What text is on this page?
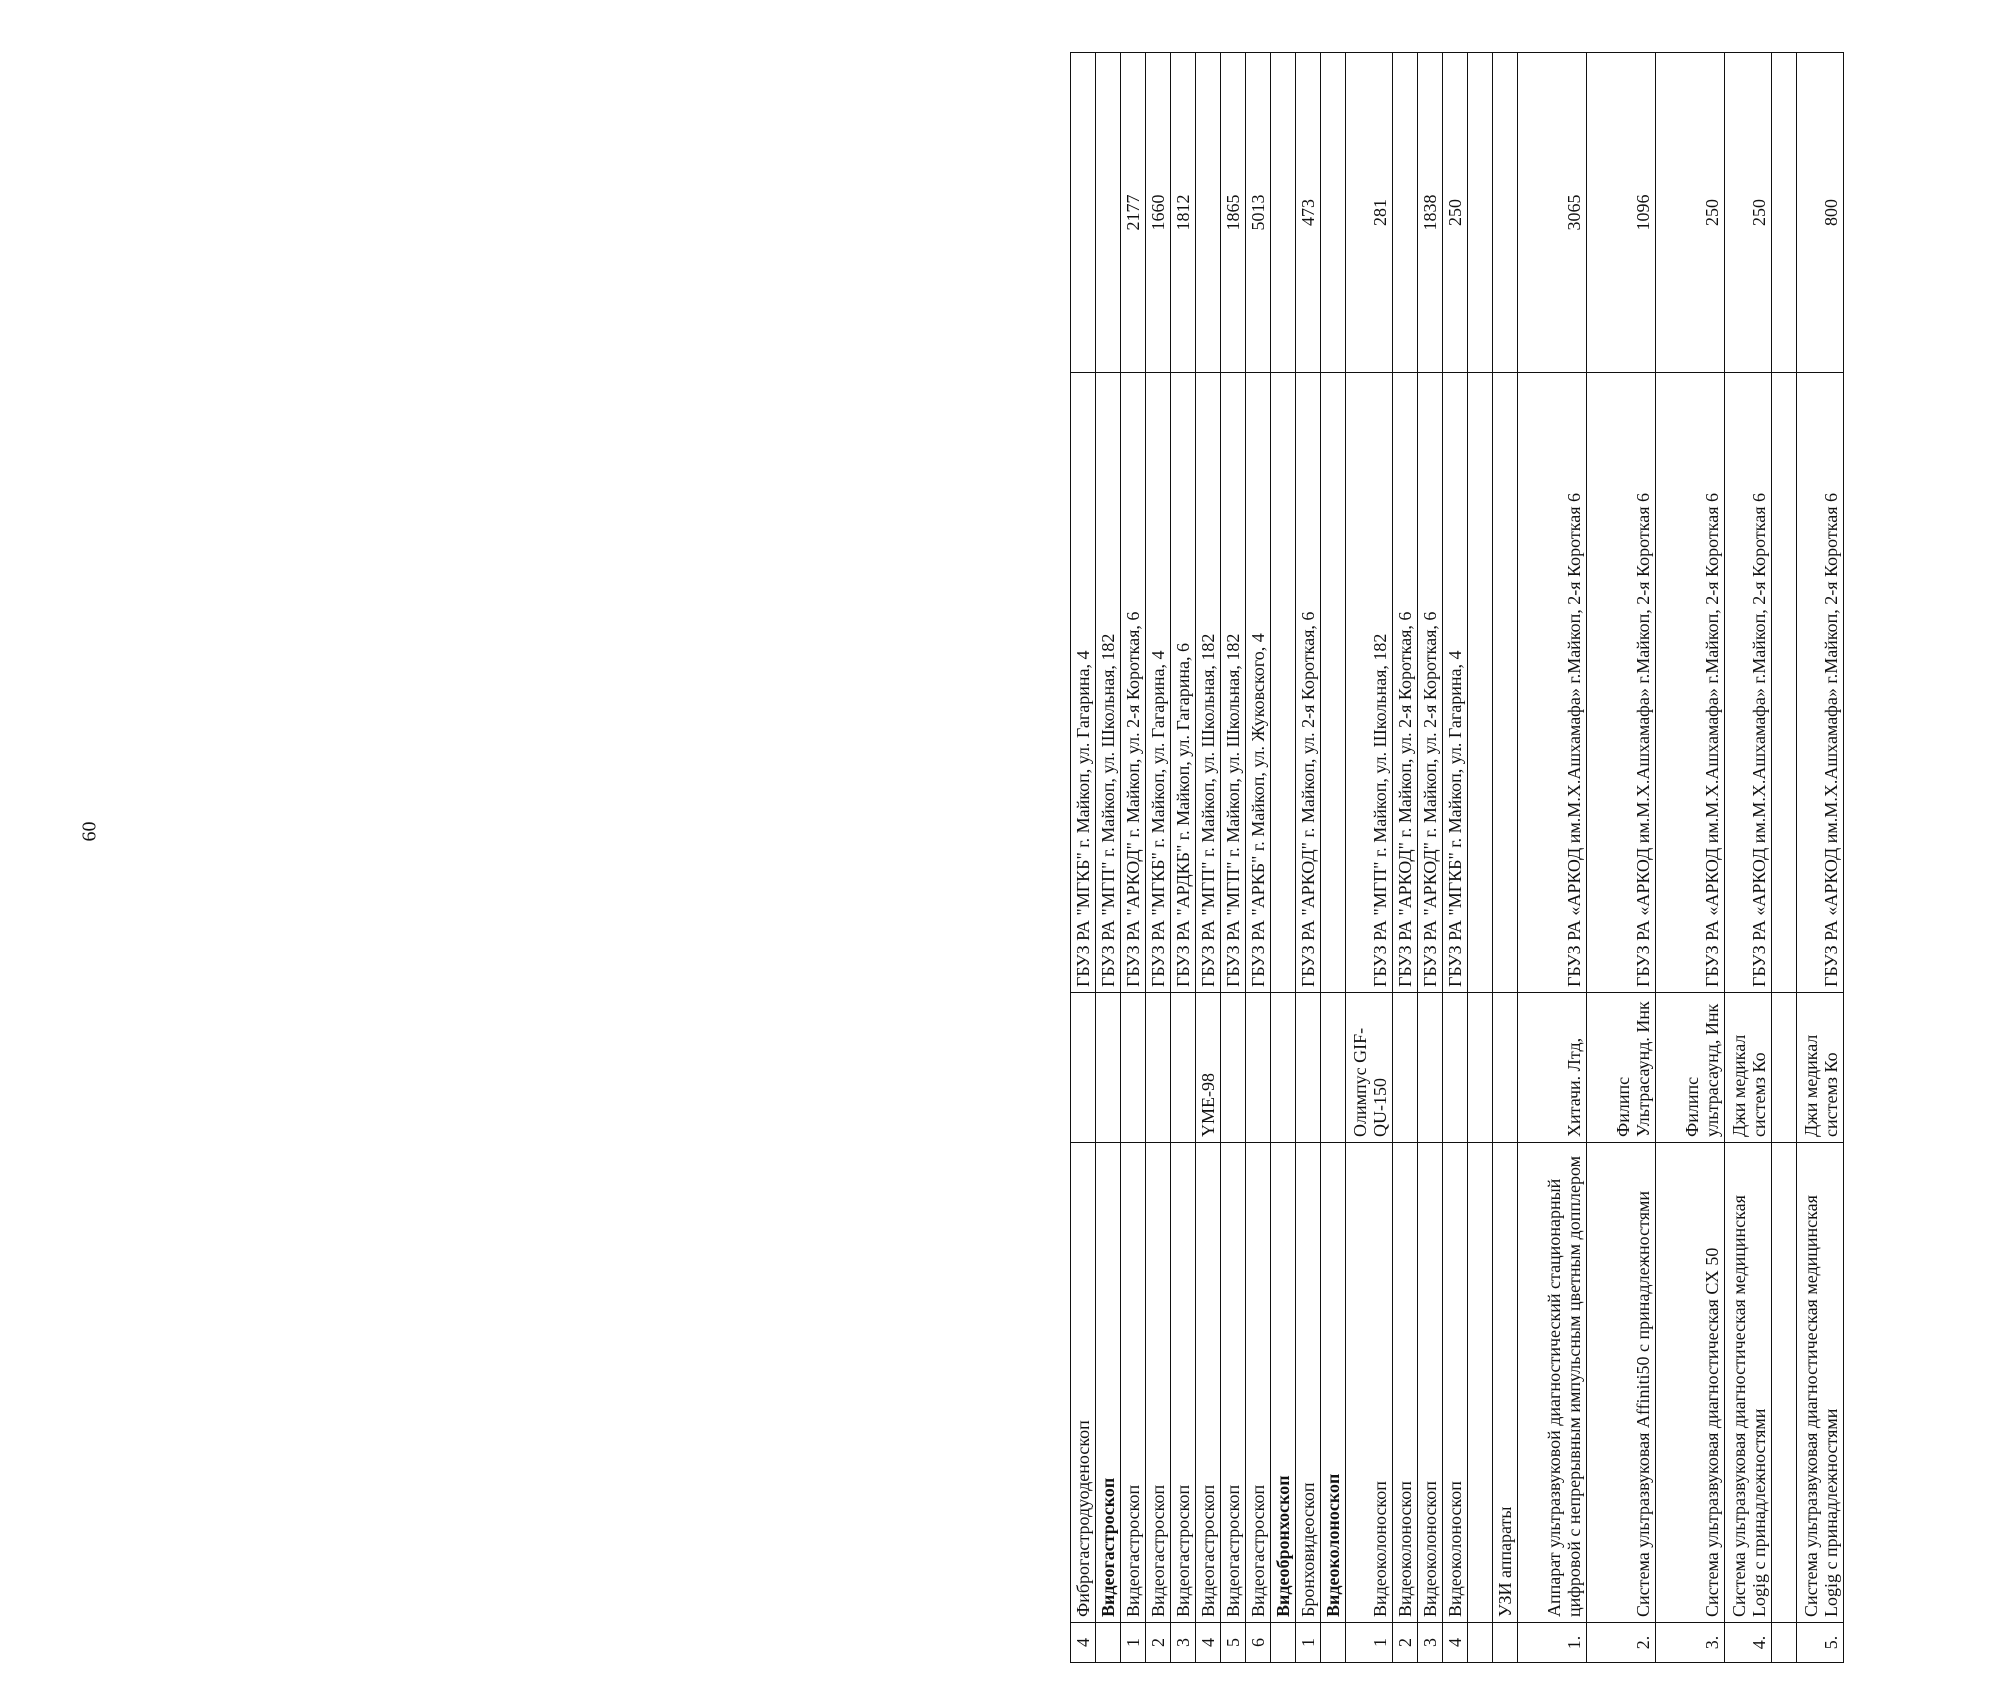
60
4	Фиброгастродуоденоскоп		ГБУЗ РА "МГКБ" г. Майкоп, ул. Гагарина, 4	
	Видеогастроскоп		ГБУЗ РА "МГП" г. Майкоп, ул. Школьная, 182	
1	Видеогастроскоп		ГБУЗ РА "АРКОД" г. Майкоп, ул. 2-я Короткая, 6	2177
2	Видеогастроскоп		ГБУЗ РА "МГКБ" г. Майкоп, ул. Гагарина, 4	1660
3	Видеогастроскоп		ГБУЗ РА "АРДКБ" г. Майкоп, ул. Гагарина, 6	1812
4	Видеогастроскоп	YME-98	ГБУЗ РА "МГП" г. Майкоп, ул. Школьная, 182	
5	Видеогастроскоп		ГБУЗ РА "МГП" г. Майкоп, ул. Школьная, 182	1865
6	Видеогастроскоп		ГБУЗ РА "АРКБ" г. Майкоп, ул. Жуковского, 4	5013
	Видеобронхоскоп			
1	Бронховидеоскоп		ГБУЗ РА "АРКОД" г. Майкоп, ул. 2-я Короткая, 6	473
	Видеоколоноскоп			
1	Видеоколоноскоп	Олимпус GIF-QU-150	ГБУЗ РА "МГП" г. Майкоп, ул. Школьная, 182	281
2	Видеоколоноскоп		ГБУЗ РА "АРКОД" г. Майкоп, ул. 2-я Короткая, 6	
3	Видеоколоноскоп		ГБУЗ РА "АРКОД" г. Майкоп, ул. 2-я Короткая, 6	1838
4	Видеоколоноскоп		ГБУЗ РА "МГКБ" г. Майкоп, ул. Гагарина, 4	250

	УЗИ аппараты			
1.	Аппарат ультразвуковой диагностический стационарный цифровой с непрерывным импульсным цветным допплером	Хитачи. Лтд,	ГБУЗ РА «АРКОД им.М.Х.Ашхамафа» г.Майкоп, 2-я Короткая 6	3065
2.	Система ультразвуковая Affiniti50 с принадлежностями	Филипс Ультрасаунд. Инк	ГБУЗ РА «АРКОД им.М.Х.Ашхамафа» г.Майкоп, 2-я Короткая 6	1096
3.	Система ультразвуковая диагностическая СХ 50	Филипс ультрасаунд, Инк	ГБУЗ РА «АРКОД им.М.Х.Ашхамафа» г.Майкоп, 2-я Короткая 6	250
4.	Система ультразвуковая диагностическая медицинская Logig с принадлежностями	Джи медикал системз Ко	ГБУЗ РА «АРКОД им.М.Х.Ашхамафа» г.Майкоп, 2-я Короткая 6	250

5.	Система ультразвуковая диагностическая медицинская Logig с принадлежностями	Джи медикал системз Ко	ГБУЗ РА «АРКОД им.М.Х.Ашхамафа» г.Майкоп, 2-я Короткая 6	800
